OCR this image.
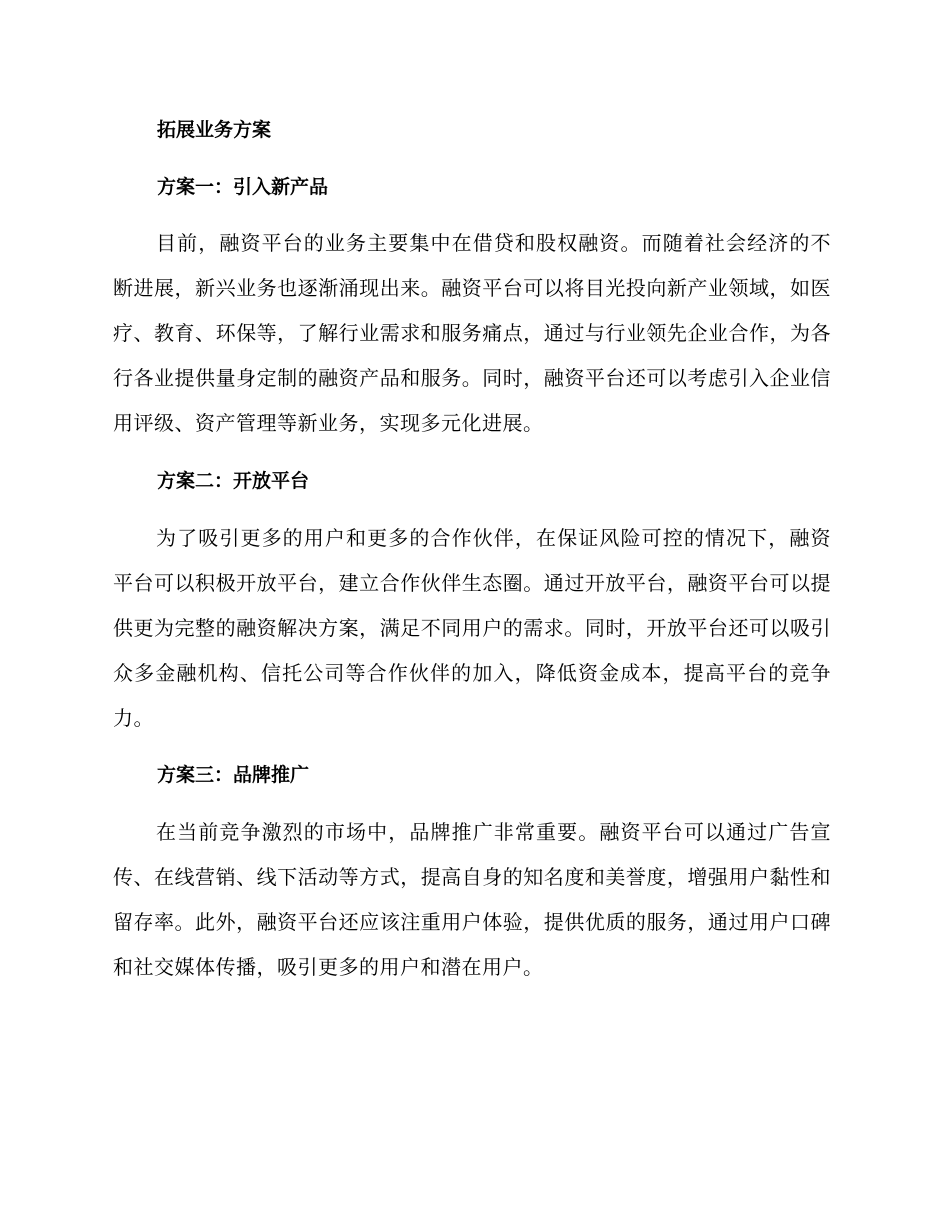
拓展业务方案
方案一：引入新产品

目前，融资平台的业务主要集中在借贷和股权融资。而随着社会经济的不断进展，新兴业务也逐渐涌现出来。融资平台可以将目光投向新产业领域，如医疗、教育、环保等，了解行业需求和服务痛点，通过与行业领先企业合作，为各行各业提供量身定制的融资产品和服务。同时，融资平台还可以考虑引入企业信用评级、资产管理等新业务，实现多元化进展。

方案二：开放平台

为了吸引更多的用户和更多的合作伙伴，在保证风险可控的情况下，融资平台可以积极开放平台，建立合作伙伴生态圈。通过开放平台，融资平台可以提供更为完整的融资解决方案，满足不同用户的需求。同时，开放平台还可以吸引众多金融机构、信托公司等合作伙伴的加入，降低资金成本，提高平台的竞争力。

方案三：品牌推广

在当前竞争激烈的市场中，品牌推广非常重要。融资平台可以通过广告宣传、在线营销、线下活动等方式，提高自身的知名度和美誉度，增强用户黏性和留存率。此外，融资平台还应该注重用户体验，提供优质的服务，通过用户口碑和社交媒体传播，吸引更多的用户和潜在用户。
